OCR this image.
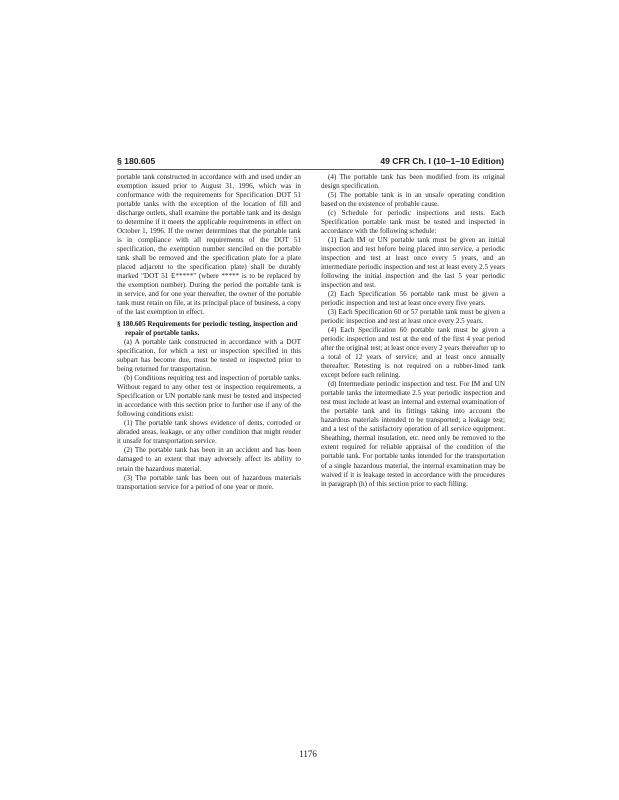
§ 180.605	49 CFR Ch. I (10–1–10 Edition)

portable tank constructed in accordance with and used under an exemption issued prior to August 31, 1996, which was in conformance with the requirements for Specification DOT 51 portable tanks with the exception of the location of fill and discharge outlets, shall examine the portable tank and its design to determine if it meets the applicable requirements in effect on October 1, 1996. If the owner determines that the portable tank is in compliance with all requirements of the DOT 51 specification, the exemption number stenciled on the portable tank shall be removed and the specification plate for a plate placed adjacent to the specification plate) shall be durably marked "DOT 51 E*****" (where ***** is to be replaced by the exemption number). During the period the portable tank is in service, and for one year thereafter, the owner of the portable tank must retain on file, at its principal place of business, a copy of the last exemption in effect.

§ 180.605 Requirements for periodic testing, inspection and repair of portable tanks.

(a) A portable tank constructed in accordance with a DOT specification, for which a test or inspection specified in this subpart has become due, must be tested or inspected prior to being returned for transportation.

(b) Conditions requiring test and inspection of portable tanks. Without regard to any other test or inspection requirements, a Specification or UN portable tank must be tested and inspected in accordance with this section prior to further use if any of the following conditions exist:

(1) The portable tank shows evidence of dents, corroded or abraded areas, leakage, or any other condition that might render it unsafe for transportation service.

(2) The portable tank has been in an accident and has been damaged to an extent that may adversely affect its ability to retain the hazardous material.

(3) The portable tank has been out of hazardous materials transportation service for a period of one year or more.

(4) The portable tank has been modified from its original design specification.

(5) The portable tank is in an unsafe operating condition based on the existence of probable cause.

(c) Schedule for periodic inspections and tests. Each Specification portable tank must be tested and inspected in accordance with the following schedule:

(1) Each IM or UN portable tank must be given an initial inspection and test before being placed into service, a periodic inspection and test at least once every 5 years, and an intermediate periodic inspection and test at least every 2.5 years following the initial inspection and the last 5 year periodic inspection and test.

(2) Each Specification 56 portable tank must be given a periodic inspection and test at least once every five years.

(3) Each Specification 60 or 57 portable tank must be given a periodic inspection and test at least once every 2.5 years.

(4) Each Specification 60 portable tank must be given a periodic inspection and test at the end of the first 4 year period after the original test; at least once every 2 years thereafter up to a total of 12 years of service; and at least once annually thereafter. Retesting is not required on a rubber-lined tank except before each relining.

(d) Intermediate periodic inspection and test. For IM and UN portable tanks the intermediate 2.5 year periodic inspection and test must include at least an internal and external examination of the portable tank and its fittings taking into account the hazardous materials intended to be transported; a leakage test; and a test of the satisfactory operation of all service equipment. Sheathing, thermal insulation, etc. need only be removed to the extent required for reliable appraisal of the condition of the portable tank. For portable tanks intended for the transportation of a single hazardous material, the internal examination may be waived if it is leakage tested in accordance with the procedures in paragraph (h) of this section prior to each filling.

1176
